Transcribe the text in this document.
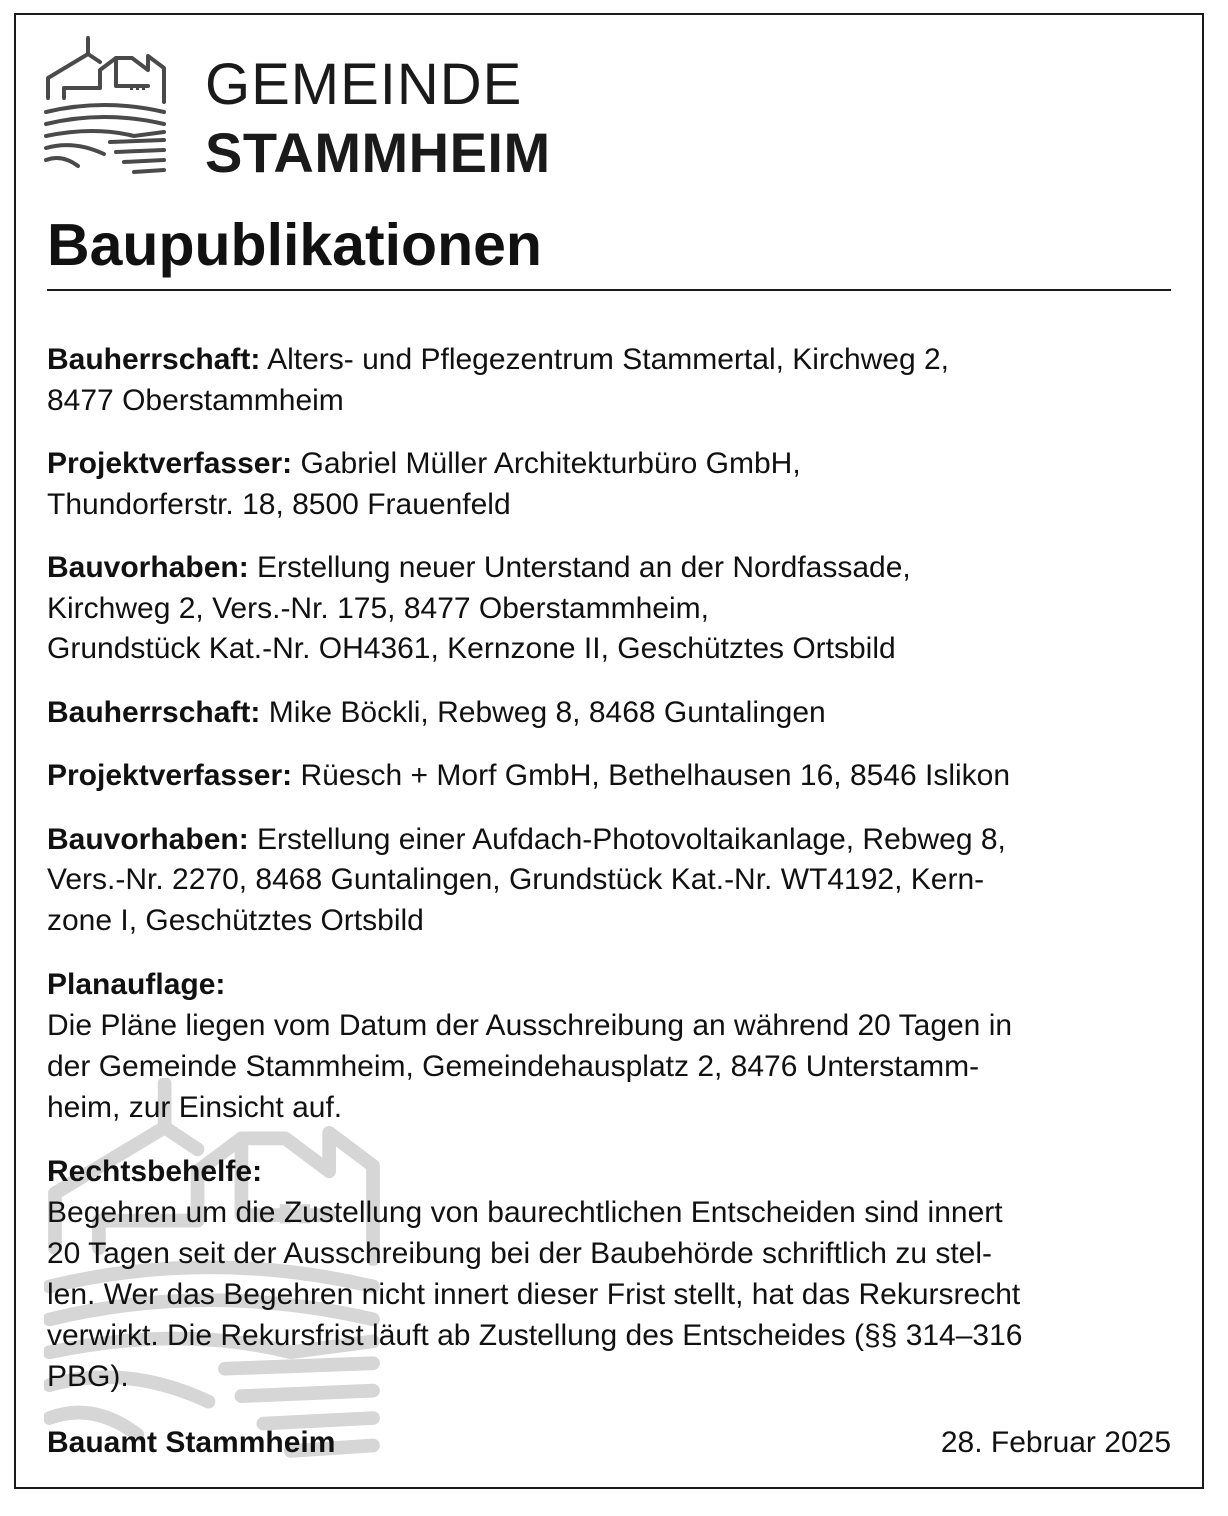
GEMEINDE
STAMMHEIM
Baupublikationen

Bauherrschaft: Alters- und Pflegezentrum Stammertal, Kirchweg 2,
8477 Oberstammheim

Projektverfasser: Gabriel Müller Architekturbüro GmbH,
Thundorferstr. 18, 8500 Frauenfeld

Bauvorhaben: Erstellung neuer Unterstand an der Nordfassade,
Kirchweg 2, Vers.-Nr. 175, 8477 Oberstammheim,
Grundstück Kat.-Nr. OH4361, Kernzone II, Geschütztes Ortsbild

Bauherrschaft: Mike Böckli, Rebweg 8, 8468 Guntalingen

Projektverfasser: Rüesch + Morf GmbH, Bethelhausen 16, 8546 Islikon

Bauvorhaben: Erstellung einer Aufdach-Photovoltaikanlage, Rebweg 8,
Vers.-Nr. 2270, 8468 Guntalingen, Grundstück Kat.-Nr. WT4192, Kern-
zone I, Geschütztes Ortsbild

Planauflage:
Die Pläne liegen vom Datum der Ausschreibung an während 20 Tagen in
der Gemeinde Stammheim, Gemeindehausplatz 2, 8476 Unterstamm-
heim, zur Einsicht auf.
Rechtsbehelfe:
Begehren um die Zustellung von baurechtlichen Entscheiden sind innert
20 Tagen seit der Ausschreibung bei der Baubehörde schriftlich zu stel-
len. Wer das Begehren nicht innert dieser Frist stellt, hat das Rekursrecht
verwirkt. Die Rekursfrist läuft ab Zustellung des Entscheides (§§ 314–316
PBG).
Bauamt Stammheim	28. Februar 2025
